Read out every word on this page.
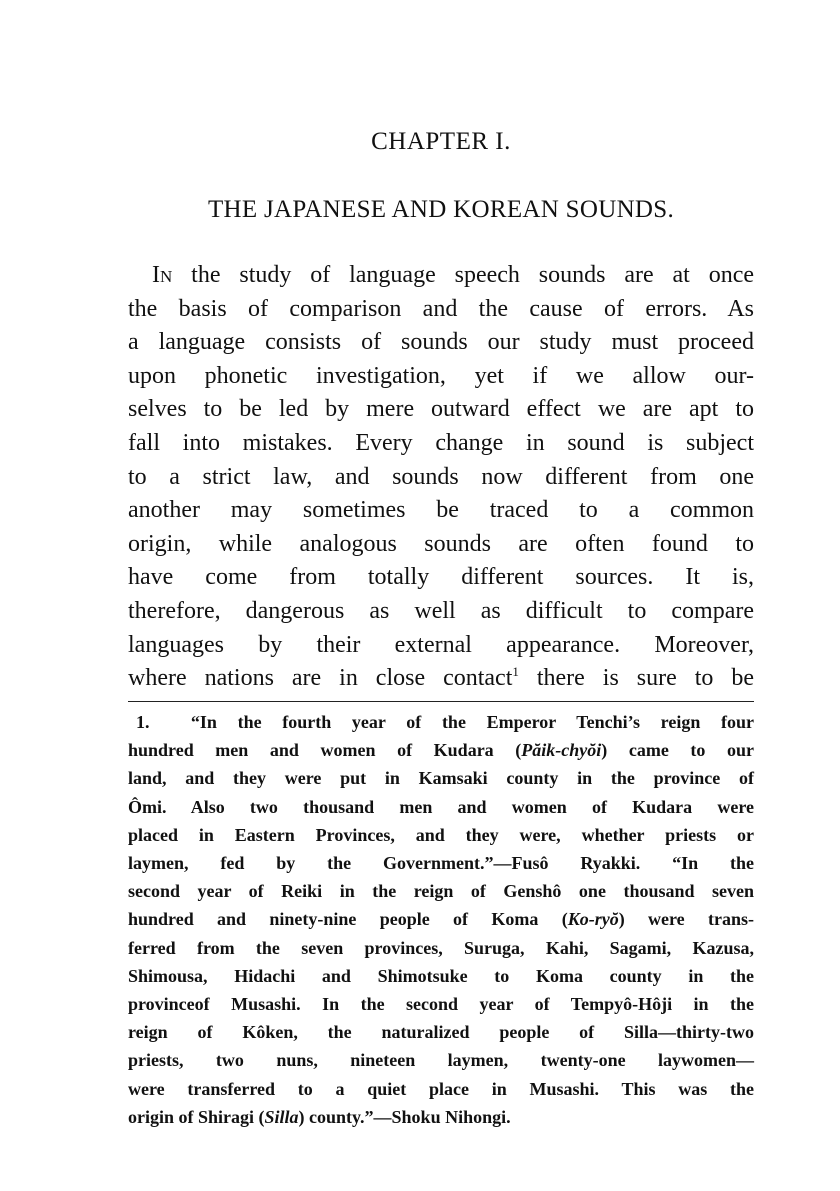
CHAPTER I.
THE JAPANESE AND KOREAN SOUNDS.
In the study of language speech sounds are at once
the basis of comparison and the cause of errors. As
a language consists of sounds our study must proceed
upon phonetic investigation, yet if we allow our-
selves to be led by mere outward effect we are apt to
fall into mistakes. Every change in sound is subject
to a strict law, and sounds now different from one
another may sometimes be traced to a common
origin, while analogous sounds are often found to
have come from totally different sources. It is,
therefore, dangerous as well as difficult to compare
languages by their external appearance. Moreover,
where nations are in close contact$^1$ there is sure to be
1. “In the fourth year of the Emperor Tenchi’s reign four
hundred men and women of Kudara (Păik-chyŏi) came to our
land, and they were put in Kamsaki county in the province of
Ômi. Also two thousand men and women of Kudara were
placed in Eastern Provinces, and they were, whether priests or
laymen, fed by the Government.”—Fusô Ryakki. “In the
second year of Reiki in the reign of Genshô one thousand seven
hundred and ninety-nine people of Koma (Ko-ryŏ) were trans-
ferred from the seven provinces, Suruga, Kahi, Sagami, Kazusa,
Shimousa, Hidachi and Shimotsuke to Koma county in the
provinceof Musashi. In the second year of Tempyô-Hôji in the
reign of Kôken, the naturalized people of Silla—thirty-two
priests, two nuns, nineteen laymen, twenty-one laywomen—
were transferred to a quiet place in Musashi. This was the
origin of Shiragi (Silla) county.”—Shoku Nihongi.
